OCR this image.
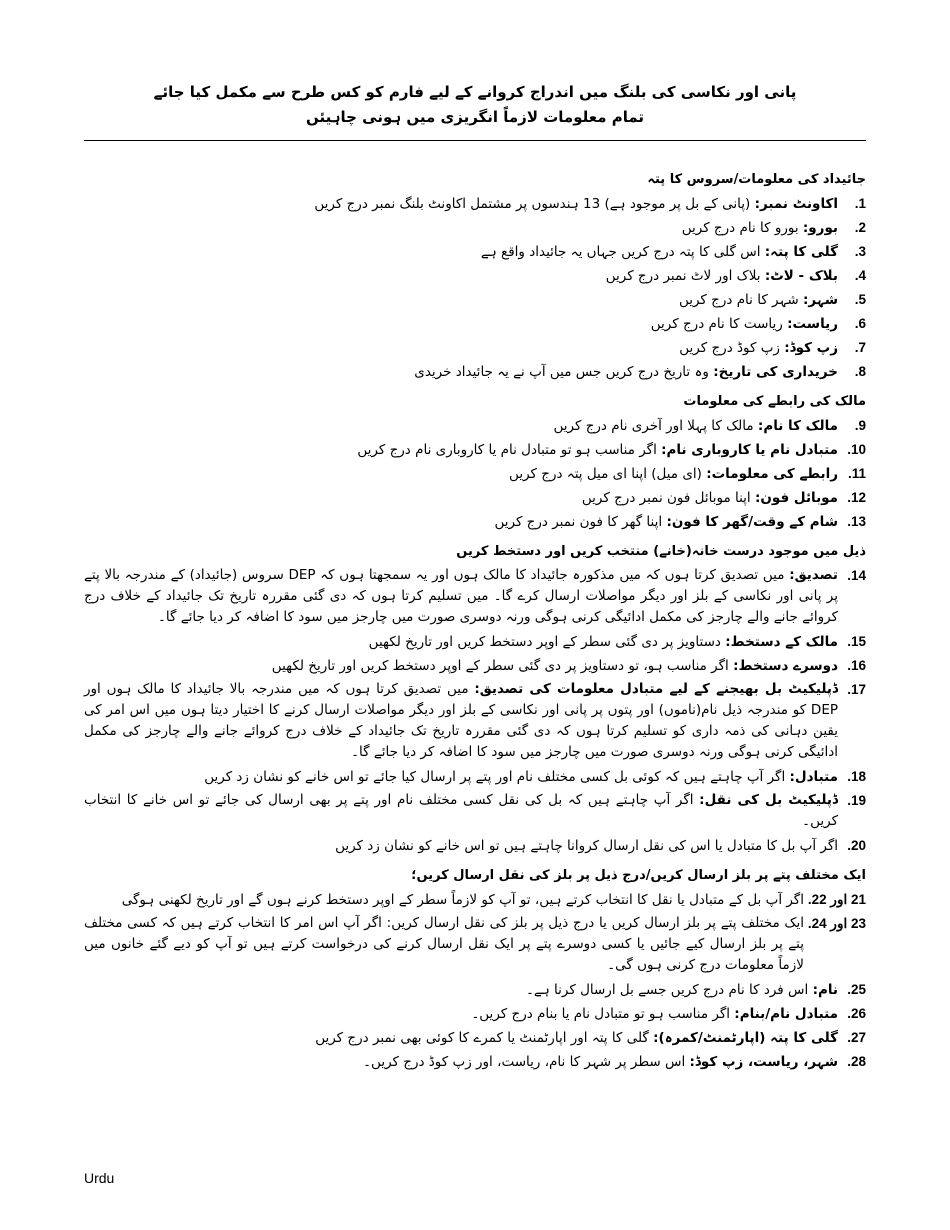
پانی اور نکاسی کی بلنگ میں اندراج کروانے کے لیے فارم کو کس طرح سے مکمل کیا جائے
تمام معلومات لازماً انگریزی میں ہونی چاہیئں
جائیداد کی معلومات/سروس کا پتہ
1.
اکاونٹ نمبر: (پانی کے بل پر موجود ہے) 13 ہندسوں پر مشتمل اکاونٹ بلنگ نمبر درج کریں
2.
بورو: بورو کا نام درج کریں
3.
گلی کا پتہ: اس گلی کا پتہ درج کریں جہاں یہ جائیداد واقع ہے
4.
بلاک - لاٹ: بلاک اور لاٹ نمبر درج کریں
5.
شہر: شہر کا نام درج کریں
6.
ریاست: ریاست کا نام درج کریں
7.
زپ کوڈ: زپ کوڈ درج کریں
8.
خریداری کی تاریخ: وہ تاریخ درج کریں جس میں آپ نے یہ جائیداد خریدی
مالک کی رابطے کی معلومات
9.
مالک کا نام: مالک کا پہلا اور آخری نام درج کریں
10.
متبادل نام یا کاروباری نام: اگر مناسب ہو تو متبادل نام یا کاروباری نام درج کریں
11.
رابطے کی معلومات: (ای میل) اپنا ای میل پتہ درج کریں
12.
موبائل فون: اپنا موبائل فون نمبر درج کریں
13.
شام کے وقت/گھر کا فون: اپنا گھر کا فون نمبر درج کریں
ذیل میں موجود درست خانہ(خانے) منتخب کریں اور دستخط کریں
14.
تصدیق: میں تصدیق کرتا ہوں کہ میں مذکورہ جائیداد کا مالک ہوں اور یہ سمجھتا ہوں کہ DEP سروس (جائیداد) کے مندرجہ بالا پتے پر پانی اور نکاسی کے بلز اور دیگر مواصلات ارسال کرے گا۔ میں تسلیم کرتا ہوں کہ دی گئی مقررہ تاریخ تک جائیداد کے خلاف درج کروائے جانے والے چارجز کی مکمل ادائیگی کرنی ہوگی ورنہ دوسری صورت میں چارجز میں سود کا اضافہ کر دیا جائے گا۔
15.
مالک کے دستخط: دستاویز پر دی گئی سطر کے اوپر دستخط کریں اور تاریخ لکھیں
16.
دوسرے دستخط: اگر مناسب ہو، تو دستاویز پر دی گئی سطر کے اوپر دستخط کریں اور تاریخ لکھیں
17.
ڈپلیکیٹ بل بھیجنے کے لیے متبادل معلومات کی تصدیق: میں تصدیق کرتا ہوں کہ میں مندرجہ بالا جائیداد کا مالک ہوں اور DEP کو مندرجہ ذیل نام(ناموں) اور پتوں پر پانی اور نکاسی کے بلز اور دیگر مواصلات ارسال کرنے کا اختیار دیتا ہوں میں اس امر کی یقین دہانی کی ذمہ داری کو تسلیم کرتا ہوں کہ دی گئی مقررہ تاریخ تک جائیداد کے خلاف درج کروائے جانے والے چارجز کی مکمل ادائیگی کرنی ہوگی ورنہ دوسری صورت میں چارجز میں سود کا اضافہ کر دیا جائے گا۔
18.
متبادل: اگر آپ چاہتے ہیں کہ کوئی بل کسی مختلف نام اور پتے پر ارسال کیا جائے تو اس خانے کو نشان زد کریں
19.
ڈپلیکیٹ بل کی نقل: اگر آپ چاہتے ہیں کہ بل کی نقل کسی مختلف نام اور پتے پر بھی ارسال کی جائے تو اس خانے کا انتخاب کریں۔
20.
اگر آپ بل کا متبادل یا اس کی نقل ارسال کروانا چاہتے ہیں تو اس خانے کو نشان زد کریں
ایک مختلف پتے پر بلز ارسال کریں/درج ذیل پر بلز کی نقل ارسال کریں؛
21 اور 22.
اگر آپ بل کے متبادل یا نقل کا انتخاب کرتے ہیں، تو آپ کو لازماً سطر کے اوپر دستخط کرنے ہوں گے اور تاریخ لکھنی ہوگی
23 اور 24.
ایک مختلف پتے پر بلز ارسال کریں یا درج ذیل پر بلز کی نقل ارسال کریں: اگر آپ اس امر کا انتخاب کرتے ہیں کہ کسی مختلف پتے پر بلز ارسال کیے جائیں یا کسی دوسرے پتے پر ایک نقل ارسال کرنے کی درخواست کرتے ہیں تو آپ کو دیے گئے خانوں میں لازماً معلومات درج کرنی ہوں گی۔
25.
نام: اس فرد کا نام درج کریں جسے بل ارسال کرنا ہے۔
26.
متبادل نام/بنام: اگر مناسب ہو تو متبادل نام یا بنام درج کریں۔
27.
گلی کا پتہ (اپارٹمنٹ/کمرہ): گلی کا پتہ اور اپارٹمنٹ یا کمرے کا کوئی بھی نمبر درج کریں
28.
شہر، ریاست، زپ کوڈ: اس سطر پر شہر کا نام، ریاست، اور زپ کوڈ درج کریں۔
Urdu
